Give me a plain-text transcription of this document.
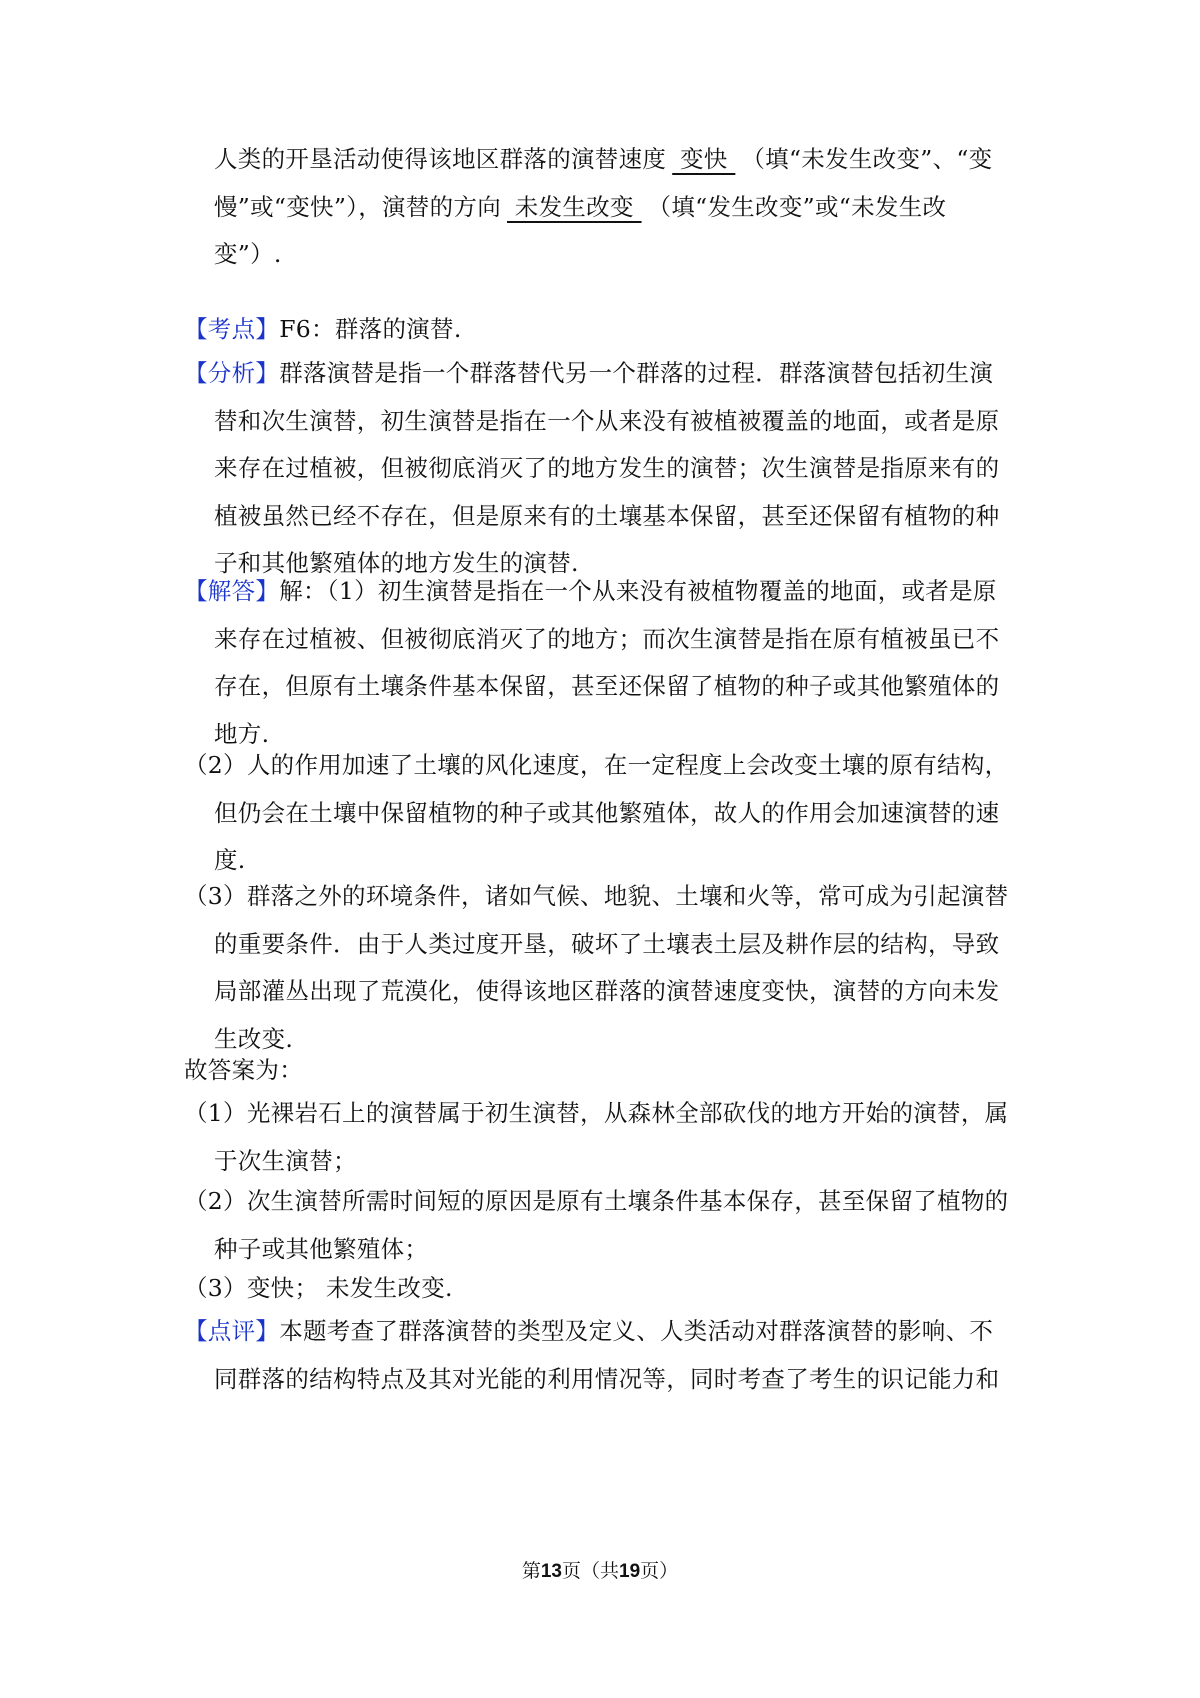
人类的开垦活动使得该地区群落的演替速度 变快 （填“未发生改变”、“变
慢”或“变快”），演替的方向 未发生改变 （填“发生改变”或“未发生改
变”）.
【考点】F6：群落的演替.
【分析】群落演替是指一个群落替代另一个群落的过程．群落演替包括初生演
替和次生演替，初生演替是指在一个从来没有被植被覆盖的地面，或者是原
来存在过植被，但被彻底消灭了的地方发生的演替；次生演替是指原来有的
植被虽然已经不存在，但是原来有的土壤基本保留，甚至还保留有植物的种
子和其他繁殖体的地方发生的演替.
【解答】解：（1）初生演替是指在一个从来没有被植物覆盖的地面，或者是原
来存在过植被、但被彻底消灭了的地方；而次生演替是指在原有植被虽已不
存在，但原有土壤条件基本保留，甚至还保留了植物的种子或其他繁殖体的
地方.
（2）人的作用加速了土壤的风化速度，在一定程度上会改变土壤的原有结构，
但仍会在土壤中保留植物的种子或其他繁殖体，故人的作用会加速演替的速
度.
（3）群落之外的环境条件，诸如气候、地貌、土壤和火等，常可成为引起演替
的重要条件．由于人类过度开垦，破坏了土壤表土层及耕作层的结构，导致
局部灌丛出现了荒漠化，使得该地区群落的演替速度变快，演替的方向未发
生改变.
故答案为：
（1）光裸岩石上的演替属于初生演替，从森林全部砍伐的地方开始的演替，属
于次生演替；
（2）次生演替所需时间短的原因是原有土壤条件基本保存，甚至保留了植物的
种子或其他繁殖体；
（3）变快； 未发生改变.
【点评】本题考查了群落演替的类型及定义、人类活动对群落演替的影响、不
同群落的结构特点及其对光能的利用情况等，同时考查了考生的识记能力和
第13页（共19页）
